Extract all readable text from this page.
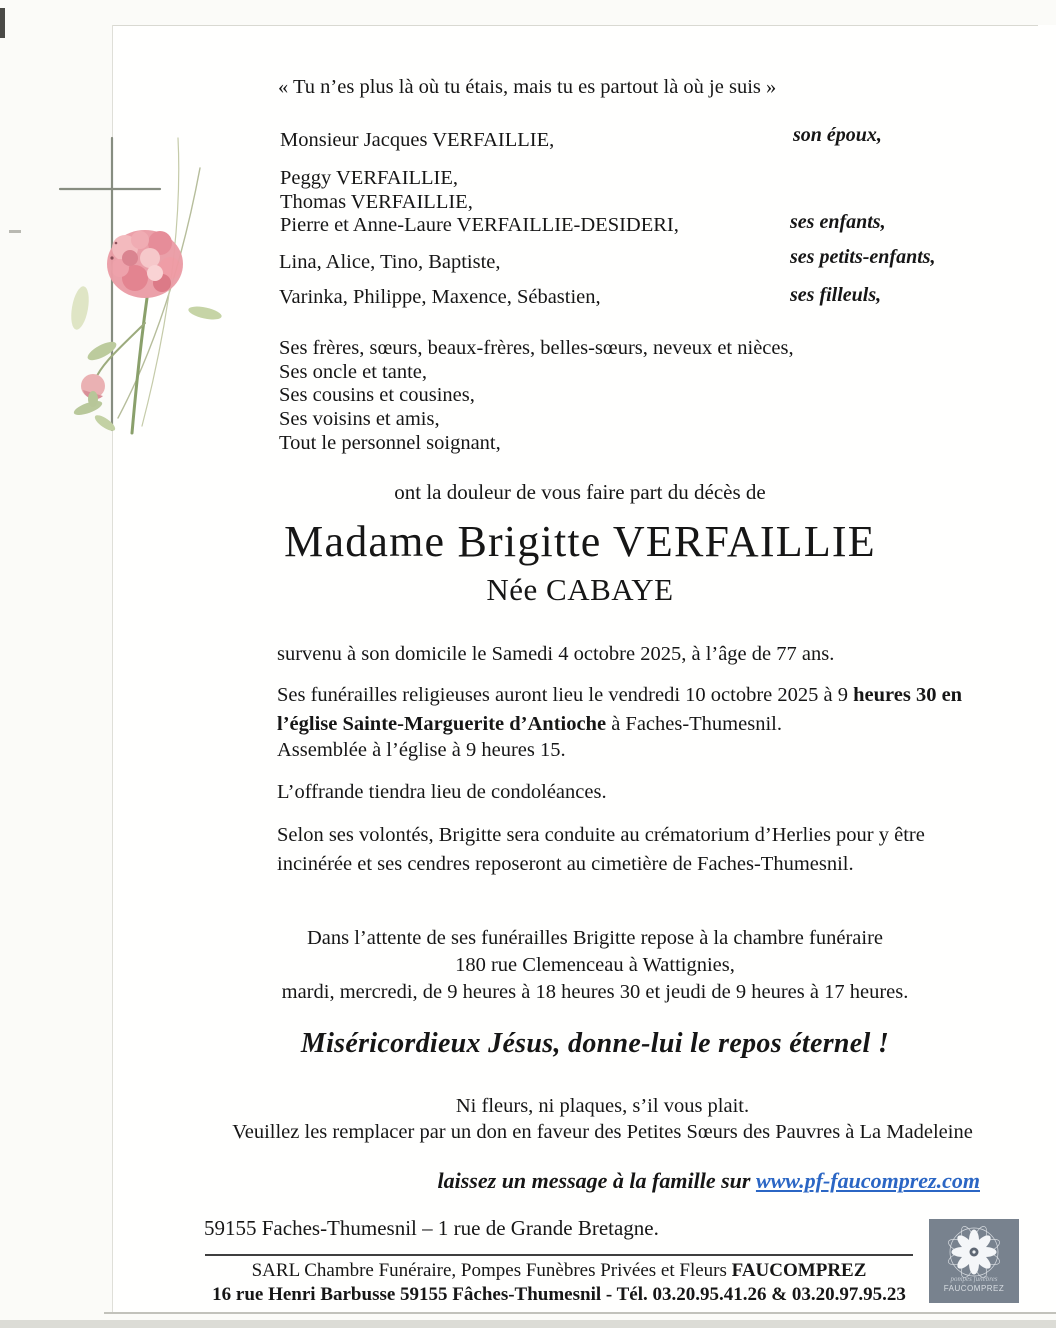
« Tu n’es plus là où tu étais, mais tu es partout là où je suis »
Monsieur Jacques VERFAILLIE,	son époux,
Peggy VERFAILLIE,
Thomas VERFAILLIE,
Pierre et Anne-Laure VERFAILLIE-DESIDERI,	ses enfants,
Lina, Alice, Tino, Baptiste,	ses petits-enfants,
Varinka, Philippe, Maxence, Sébastien,	ses filleuls,
Ses frères, sœurs, beaux-frères, belles-sœurs, neveux et nièces,
Ses oncle et tante,
Ses cousins et cousines,
Ses voisins et amis,
Tout le personnel soignant,
ont la douleur de vous faire part du décès de
Madame Brigitte VERFAILLIE
Née CABAYE
survenu à son domicile le Samedi 4 octobre 2025, à l’âge de 77 ans.
Ses funérailles religieuses auront lieu le vendredi 10 octobre 2025 à 9 heures 30 en l’église Sainte-Marguerite d’Antioche à Faches-Thumesnil.
Assemblée à l’église à 9 heures 15.
L’offrande tiendra lieu de condoléances.
Selon ses volontés, Brigitte sera conduite au crématorium d’Herlies pour y être incinérée et ses cendres reposeront au cimetière de Faches-Thumesnil.
Dans l’attente de ses funérailles Brigitte repose à la chambre funéraire
180 rue Clemenceau à Wattignies,
mardi, mercredi, de 9 heures à 18 heures 30 et jeudi de 9 heures à 17 heures.
Miséricordieux Jésus, donne-lui le repos éternel !
Ni fleurs, ni plaques, s’il vous plait.
Veuillez les remplacer par un don en faveur des Petites Sœurs des Pauvres à La Madeleine
laissez un message à la famille sur www.pf-faucomprez.com
59155 Faches-Thumesnil – 1 rue de Grande Bretagne.
SARL Chambre Funéraire, Pompes Funèbres Privées et Fleurs FAUCOMPREZ
16 rue Henri Barbusse 59155 Fâches-Thumesnil - Tél. 03.20.95.41.26 & 03.20.97.95.23
pompes funèbres
FAUCOMPREZ
